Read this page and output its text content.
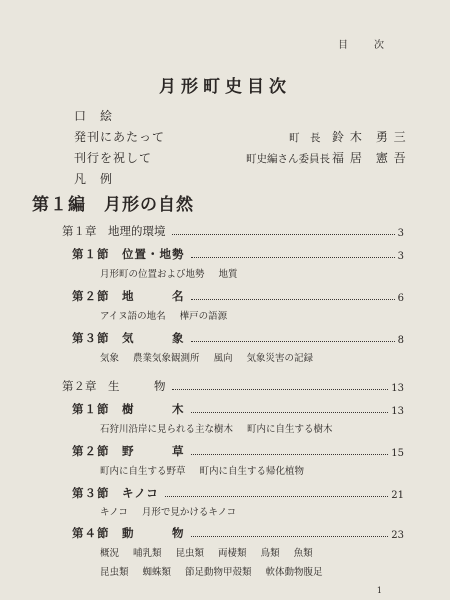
目　次
月形町史目次
口　絵
発刊にあたって	町　長 鈴 木　勇 三
刊行を祝して	町史編さん委員長 福 居　憲 吾
凡　例
第１編　月形の自然
第１章　地理的環境	3
第１節　位置・地勢	3
月形町の位置および地勢 地質
第２節　地　　　名	6
アイヌ語の地名 樺戸の語源
第３節　気　　　象	8
気象 農業気象観測所 風向 気象災害の記録
第２章　生　　　物	13
第１節　樹　　　木	13
石狩川沿岸に見られる主な樹木 町内に自生する樹木
第２節　野　　　草	15
町内に自生する野草 町内に自生する帰化植物
第３節　キノコ	21
キノコ 月形で見かけるキノコ
第４節　動　　　物	23
概況 哺乳類 昆虫類 両棲類 鳥類 魚類
昆虫類 蜘蛛類 節足動物甲殻類 軟体動物腹足
1
